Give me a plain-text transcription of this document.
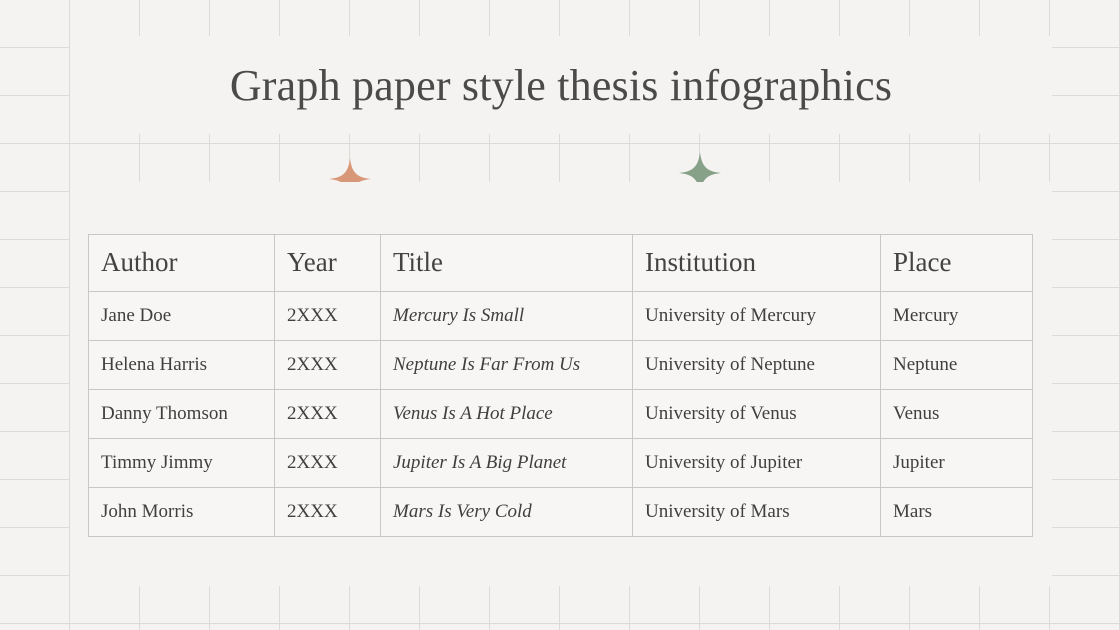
Graph paper style thesis infographics
Author	Year	Title	Institution	Place
Jane Doe	2XXX	Mercury Is Small	University of Mercury	Mercury
Helena Harris	2XXX	Neptune Is Far From Us	University of Neptune	Neptune
Danny Thomson	2XXX	Venus Is A Hot Place	University of Venus	Venus
Timmy Jimmy	2XXX	Jupiter Is A Big Planet	University of Jupiter	Jupiter
John Morris	2XXX	Mars Is Very Cold	University of Mars	Mars
